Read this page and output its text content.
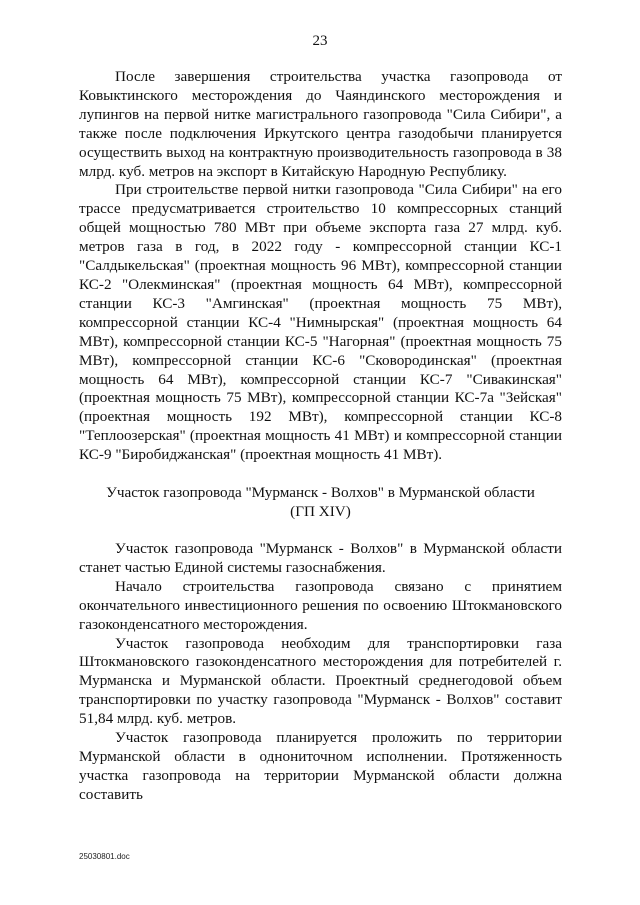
23

После завершения строительства участка газопровода от Ковыктинского месторождения до Чаяндинского месторождения и лупингов на первой нитке магистрального газопровода "Сила Сибири", а также после подключения Иркутского центра газодобычи планируется осуществить выход на контрактную производительность газопровода в 38 млрд. куб. метров на экспорт в Китайскую Народную Республику.

При строительстве первой нитки газопровода "Сила Сибири" на его трассе предусматривается строительство 10 компрессорных станций общей мощностью 780 МВт при объеме экспорта газа 27 млрд. куб. метров газа в год, в 2022 году - компрессорной станции КС-1 "Салдыкельская" (проектная мощность 96 МВт), компрессорной станции КС-2 "Олекминская" (проектная мощность 64 МВт), компрессорной станции КС-3 "Амгинская" (проектная мощность 75 МВт), компрессорной станции КС-4 "Нимнырская" (проектная мощность 64 МВт), компрессорной станции КС-5 "Нагорная" (проектная мощность 75 МВт), компрессорной станции КС-6 "Сковородинская" (проектная мощность 64 МВт), компрессорной станции КС-7 "Сивакинская" (проектная мощность 75 МВт), компрессорной станции КС-7а "Зейская" (проектная мощность 192 МВт), компрессорной станции КС-8 "Теплоозерская" (проектная мощность 41 МВт) и компрессорной станции КС-9 "Биробиджанская" (проектная мощность 41 МВт).

Участок газопровода "Мурманск - Волхов" в Мурманской области
(ГП XIV)

Участок газопровода "Мурманск - Волхов" в Мурманской области станет частью Единой системы газоснабжения.

Начало строительства газопровода связано с принятием окончательного инвестиционного решения по освоению Штокмановского газоконденсатного месторождения.

Участок газопровода необходим для транспортировки газа Штокмановского газоконденсатного месторождения для потребителей г. Мурманска и Мурманской области. Проектный среднегодовой объем транспортировки по участку газопровода "Мурманск - Волхов" составит 51,84 млрд. куб. метров.

Участок газопровода планируется проложить по территории Мурманской области в однониточном исполнении. Протяженность участка газопровода на территории Мурманской области должна составить

25030801.doc
